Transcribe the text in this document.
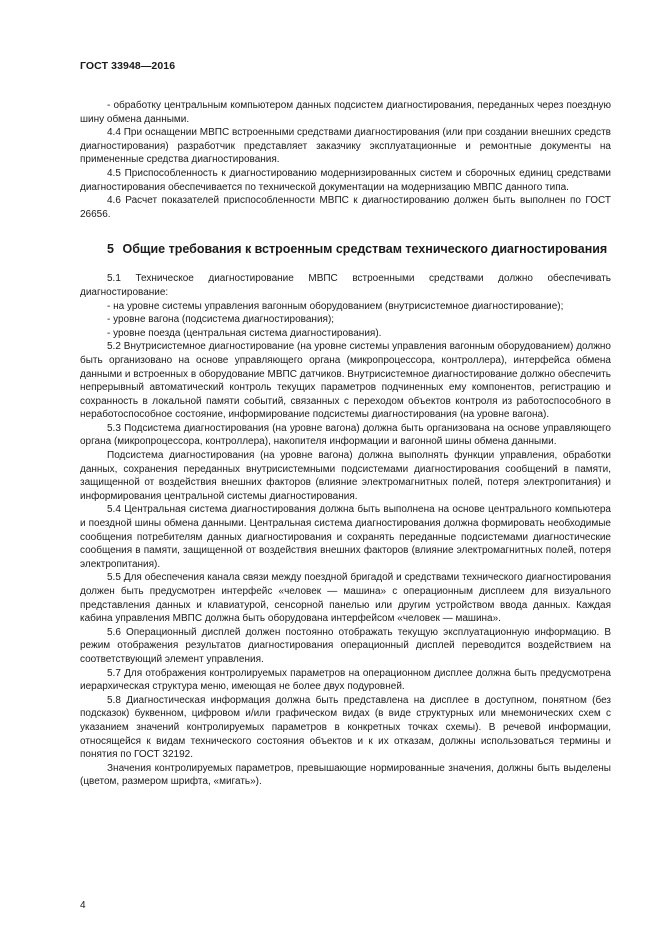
ГОСТ 33948—2016

- обработку центральным компьютером данных подсистем диагностирования, переданных через поездную шину обмена данными.

4.4 При оснащении МВПС встроенными средствами диагностирования (или при создании внешних средств диагностирования) разработчик представляет заказчику эксплуатационные и ремонтные документы на примененные средства диагностирования.

4.5 Приспособленность к диагностированию модернизированных систем и сборочных единиц средствами диагностирования обеспечивается по технической документации на модернизацию МВПС данного типа.

4.6 Расчет показателей приспособленности МВПС к диагностированию должен быть выполнен по ГОСТ 26656.

5 Общие требования к встроенным средствам технического диагностирования

5.1 Техническое диагностирование МВПС встроенными средствами должно обеспечивать диагностирование:

- на уровне системы управления вагонным оборудованием (внутрисистемное диагностирование);

- уровне вагона (подсистема диагностирования);

- уровне поезда (центральная система диагностирования).

5.2 Внутрисистемное диагностирование (на уровне системы управления вагонным оборудованием) должно быть организовано на основе управляющего органа (микропроцессора, контроллера), интерфейса обмена данными и встроенных в оборудование МВПС датчиков. Внутрисистемное диагностирование должно обеспечить непрерывный автоматический контроль текущих параметров подчиненных ему компонентов, регистрацию и сохранность в локальной памяти событий, связанных с переходом объектов контроля из работоспособного в неработоспособное состояние, информирование подсистемы диагностирования (на уровне вагона).

5.3 Подсистема диагностирования (на уровне вагона) должна быть организована на основе управляющего органа (микропроцессора, контроллера), накопителя информации и вагонной шины обмена данными.

Подсистема диагностирования (на уровне вагона) должна выполнять функции управления, обработки данных, сохранения переданных внутрисистемными подсистемами диагностирования сообщений в памяти, защищенной от воздействия внешних факторов (влияние электромагнитных полей, потеря электропитания) и информирования центральной системы диагностирования.

5.4 Центральная система диагностирования должна быть выполнена на основе центрального компьютера и поездной шины обмена данными. Центральная система диагностирования должна формировать необходимые сообщения потребителям данных диагностирования и сохранять переданные подсистемами диагностические сообщения в памяти, защищенной от воздействия внешних факторов (влияние электромагнитных полей, потеря электропитания).

5.5 Для обеспечения канала связи между поездной бригадой и средствами технического диагностирования должен быть предусмотрен интерфейс «человек — машина» с операционным дисплеем для визуального представления данных и клавиатурой, сенсорной панелью или другим устройством ввода данных. Каждая кабина управления МВПС должна быть оборудована интерфейсом «человек — машина».

5.6 Операционный дисплей должен постоянно отображать текущую эксплуатационную информацию. В режим отображения результатов диагностирования операционный дисплей переводится воздействием на соответствующий элемент управления.

5.7 Для отображения контролируемых параметров на операционном дисплее должна быть предусмотрена иерархическая структура меню, имеющая не более двух подуровней.

5.8 Диагностическая информация должна быть представлена на дисплее в доступном, понятном (без подсказок) буквенном, цифровом и/или графическом видах (в виде структурных или мнемонических схем с указанием значений контролируемых параметров в конкретных точках схемы). В речевой информации, относящейся к видам технического состояния объектов и к их отказам, должны использоваться термины и понятия по ГОСТ 32192.

Значения контролируемых параметров, превышающие нормированные значения, должны быть выделены (цветом, размером шрифта, «мигать»).

4
